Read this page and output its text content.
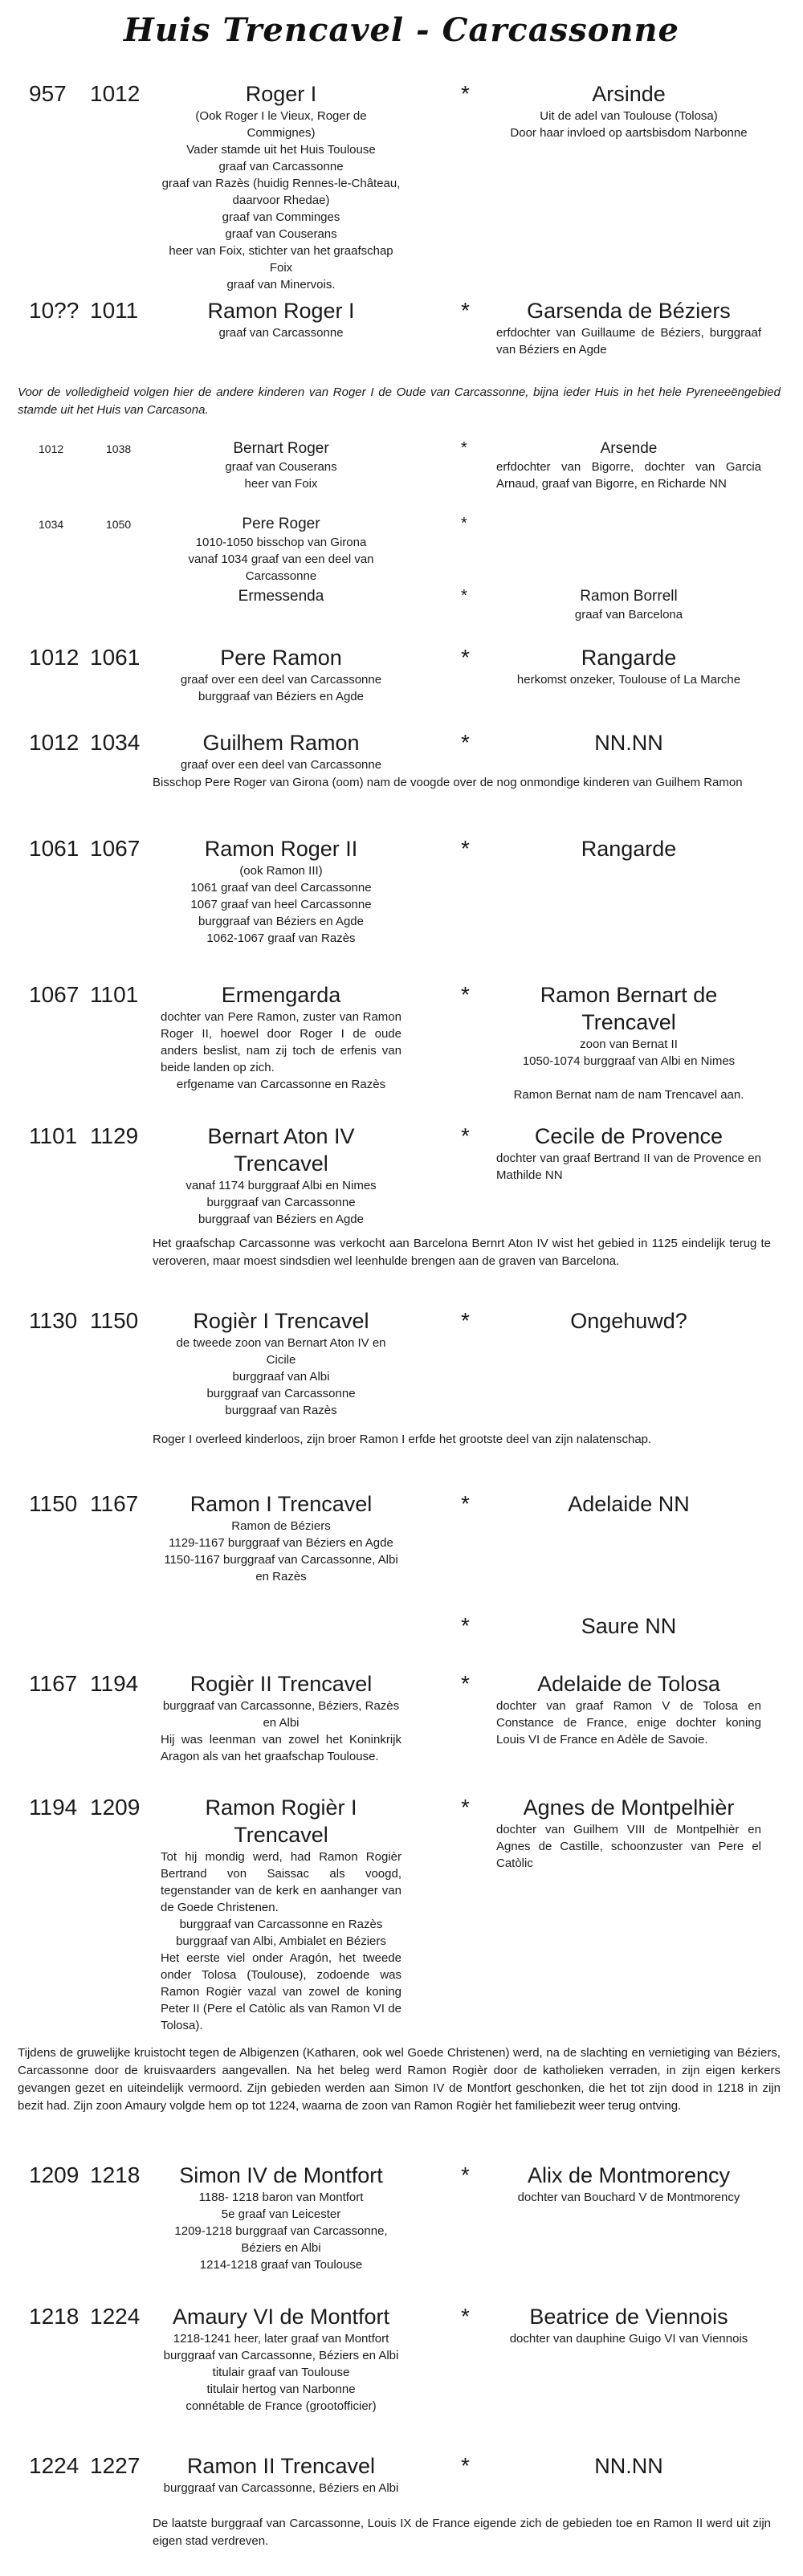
Huis Trencavel - Carcassonne
957 1012	Roger I
(Ook Roger I le Vieux, Roger de Commignes)
Vader stamde uit het Huis Toulouse
graaf van Carcassonne
graaf van Razès (huidig Rennes-le-Château,
daarvoor Rhedae)
graaf van Comminges
graaf van Couserans
heer van Foix, stichter van het graafschap Foix
graaf van Minervois.
*	Arsinde
Uit de adel van Toulouse (Tolosa)
Door haar invloed op aartsbisdom Narbonne
10?? 1011	Ramon Roger I
graaf van Carcassonne
*	Garsenda de Béziers
erfdochter van Guillaume de Béziers, burggraaf van Béziers en Agde
Voor de volledigheid volgen hier de andere kinderen van Roger I de Oude van Carcassonne, bijna ieder Huis in het hele Pyreneeëngebied stamde uit het Huis van Carcasona.
1012	1038	Bernart Roger
graaf van Couserans
heer van Foix
*	Arsende
erfdochter van Bigorre, dochter van Garcia Arnaud, graaf van Bigorre, en Richarde NN
1034	1050	Pere Roger
1010-1050 bisschop van Girona
vanaf 1034 graaf van een deel van Carcassonne
*
Ermessenda	*	Ramon Borrell
graaf van Barcelona
1012 1061	Pere Ramon
graaf over een deel van Carcassonne
burggraaf van Béziers en Agde
*	Rangarde
herkomst onzeker, Toulouse of La Marche
1012 1034	Guilhem Ramon
graaf over een deel van Carcassonne
*	NN.NN
Bisschop Pere Roger van Girona (oom) nam de voogde over de nog onmondige kinderen van Guilhem Ramon
1061 1067	Ramon Roger II
(ook Ramon III)
1061 graaf van deel Carcassonne
1067 graaf van heel Carcassonne
burggraaf van Béziers en Agde
1062-1067 graaf van Razès
*	Rangarde
1067 1101	Ermengarda
dochter van Pere Ramon, zuster van Ramon Roger II, hoewel door Roger I de oude anders beslist, nam zij toch de erfenis van beide landen op zich.
erfgename van Carcassonne en Razès
*	Ramon Bernart de Trencavel
zoon van Bernat II
1050-1074 burggraaf van Albi en Nimes
Ramon Bernat nam de nam Trencavel aan.
1101 1129	Bernart Aton IV Trencavel
vanaf 1174 burggraaf Albi en Nimes
burggraaf van Carcassonne
burggraaf van Béziers en Agde
*	Cecile de Provence
dochter van graaf Bertrand II van de Provence en Mathilde NN
Het graafschap Carcassonne was verkocht aan Barcelona Bernrt Aton IV wist het gebied in 1125 eindelijk terug te veroveren, maar moest sindsdien wel leenhulde brengen aan de graven van Barcelona.
1130 1150	Rogièr I Trencavel
de tweede zoon van Bernart Aton IV en Cicile
burggraaf van Albi
burggraaf van Carcassonne
burggraaf van Razès
*	Ongehuwd?
Roger I overleed kinderloos, zijn broer Ramon I erfde het grootste deel van zijn nalatenschap.
1150 1167	Ramon I Trencavel
Ramon de Béziers
1129-1167 burggraaf van Béziers en Agde
1150-1167 burggraaf van Carcassonne, Albi en Razès
*	Adelaide NN
*	Saure NN
1167 1194	Rogièr II Trencavel
burggraaf van Carcassonne, Béziers, Razès en Albi
Hij was leenman van zowel het Koninkrijk Aragon als van het graafschap Toulouse.
*	Adelaide de Tolosa
dochter van graaf Ramon V de Tolosa en Constance de France, enige dochter koning Louis VI de France en Adèle de Savoie.
1194 1209	Ramon Rogièr I Trencavel
Tot hij mondig werd, had Ramon Rogièr Bertrand von Saissac als voogd, tegenstander van de kerk en aanhanger van de Goede Christenen.
burggraaf van Carcassonne en Razès
burggraaf van Albi, Ambialet en Béziers
Het eerste viel onder Aragón, het tweede onder Tolosa (Toulouse), zodoende was Ramon Rogièr vazal van zowel de koning Peter II (Pere el Catòlic als van Ramon VI de Tolosa).
*	Agnes de Montpelhièr
dochter van Guilhem VIII de Montpelhièr en Agnes de Castille, schoonzuster van Pere el Catòlic
Tijdens de gruwelijke kruistocht tegen de Albigenzen (Katharen, ook wel Goede Christenen) werd, na de slachting en vernietiging van Béziers, Carcassonne door de kruisvaarders aangevallen. Na het beleg werd Ramon Rogièr door de katholieken verraden, in zijn eigen kerkers gevangen gezet en uiteindelijk vermoord. Zijn gebieden werden aan Simon IV de Montfort geschonken, die het tot zijn dood in 1218 in zijn bezit had. Zijn zoon Amaury volgde hem op tot 1224, waarna de zoon van Ramon Rogièr het familiebezit weer terug ontving.
1209 1218	Simon IV de Montfort
1188- 1218 baron van Montfort
5e graaf van Leicester
1209-1218 burggraaf van Carcassonne, Béziers en Albi
1214-1218 graaf van Toulouse
*	Alix de Montmorency
dochter van Bouchard V de Montmorency
1218 1224	Amaury VI de Montfort
1218-1241 heer, later graaf van Montfort
burggraaf van Carcassonne, Béziers en Albi
titulair graaf van Toulouse
titulair hertog van Narbonne
connétable de France (grootofficier)
*	Beatrice de Viennois
dochter van dauphine Guigo VI van Viennois
1224 1227	Ramon II Trencavel
burggraaf van Carcassonne, Béziers en Albi
*	NN.NN
De laatste burggraaf van Carcassonne, Louis IX de France eigende zich de gebieden toe en Ramon II werd uit zijn eigen stad verdreven.
